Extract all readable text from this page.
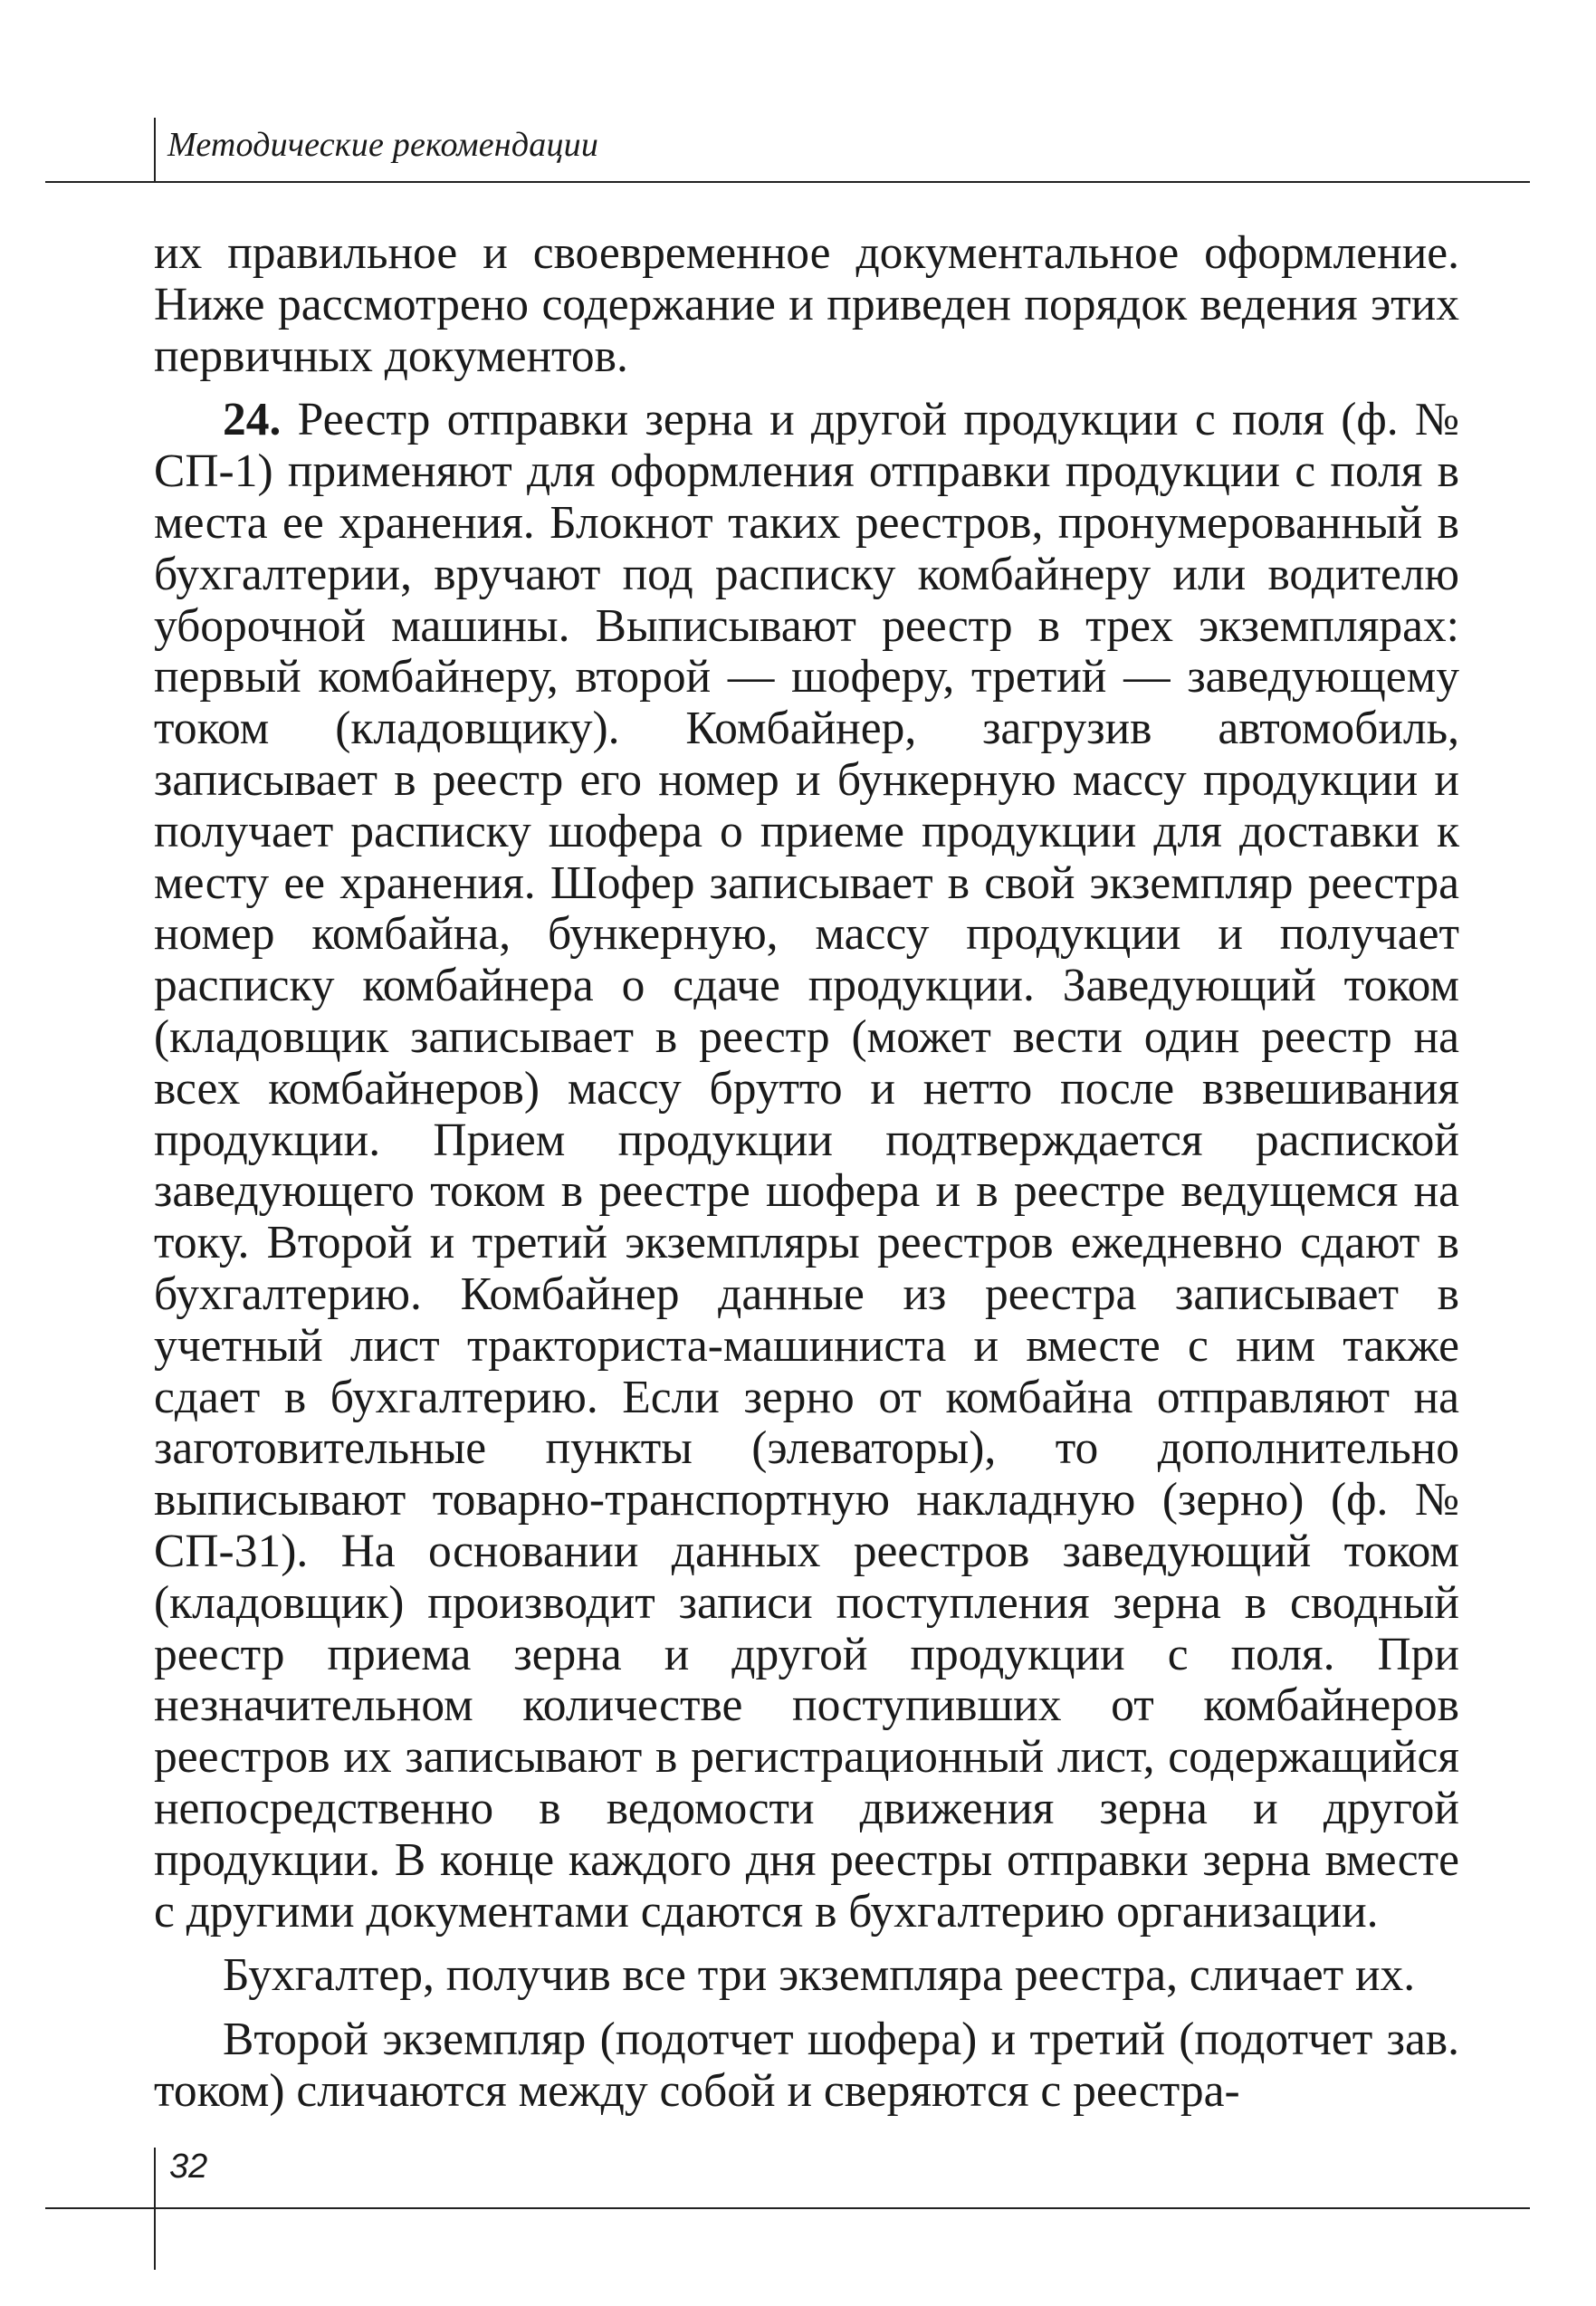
Методические рекомендации

их правильное и своевременное документальное оформление. Ниже рассмотрено содержание и приведен порядок ведения этих первичных документов.

24. Реестр отправки зерна и другой продукции с поля (ф. № СП-1) применяют для оформления отправки продукции с поля в места ее хранения. Блокнот таких реестров, пронумерованный в бухгалтерии, вручают под расписку комбайнеру или водителю уборочной машины. Выписывают реестр в трех экземплярах: первый комбайнеру, второй — шоферу, третий — заведующему током (кладовщику). Комбайнер, загрузив автомобиль, записывает в реестр его номер и бункерную массу продукции и получает расписку шофера о приеме продукции для доставки к месту ее хранения. Шофер записывает в свой экземпляр реестра номер комбайна, бункерную, массу продукции и получает расписку комбайнера о сдаче продукции. Заведующий током (кладовщик записывает в реестр (может вести один реестр на всех комбайнеров) массу брутто и нетто после взвешивания продукции. Прием продукции подтверждается распиской заведующего током в реестре шофера и в реестре ведущемся на току. Второй и третий экземпляры реестров ежедневно сдают в бухгалтерию. Комбайнер данные из реестра записывает в учетный лист тракториста-машиниста и вместе с ним также сдает в бухгалтерию. Если зерно от комбайна отправляют на заготовительные пункты (элеваторы), то дополнительно выписывают товарно-транспортную накладную (зерно) (ф. № СП-31). На основании данных реестров заведующий током (кладовщик) производит записи поступления зерна в сводный реестр приема зерна и другой продукции с поля. При незначительном количестве поступивших от комбайнеров реестров их записывают в регистрационный лист, содержащийся непосредственно в ведомости движения зерна и другой продукции. В конце каждого дня реестры отправки зерна вместе с другими документами сдаются в бухгалтерию организации.

Бухгалтер, получив все три экземпляра реестра, сличает их.

Второй экземпляр (подотчет шофера) и третий (подотчет зав. током) сличаются между собой и сверяются с реестра-

32
